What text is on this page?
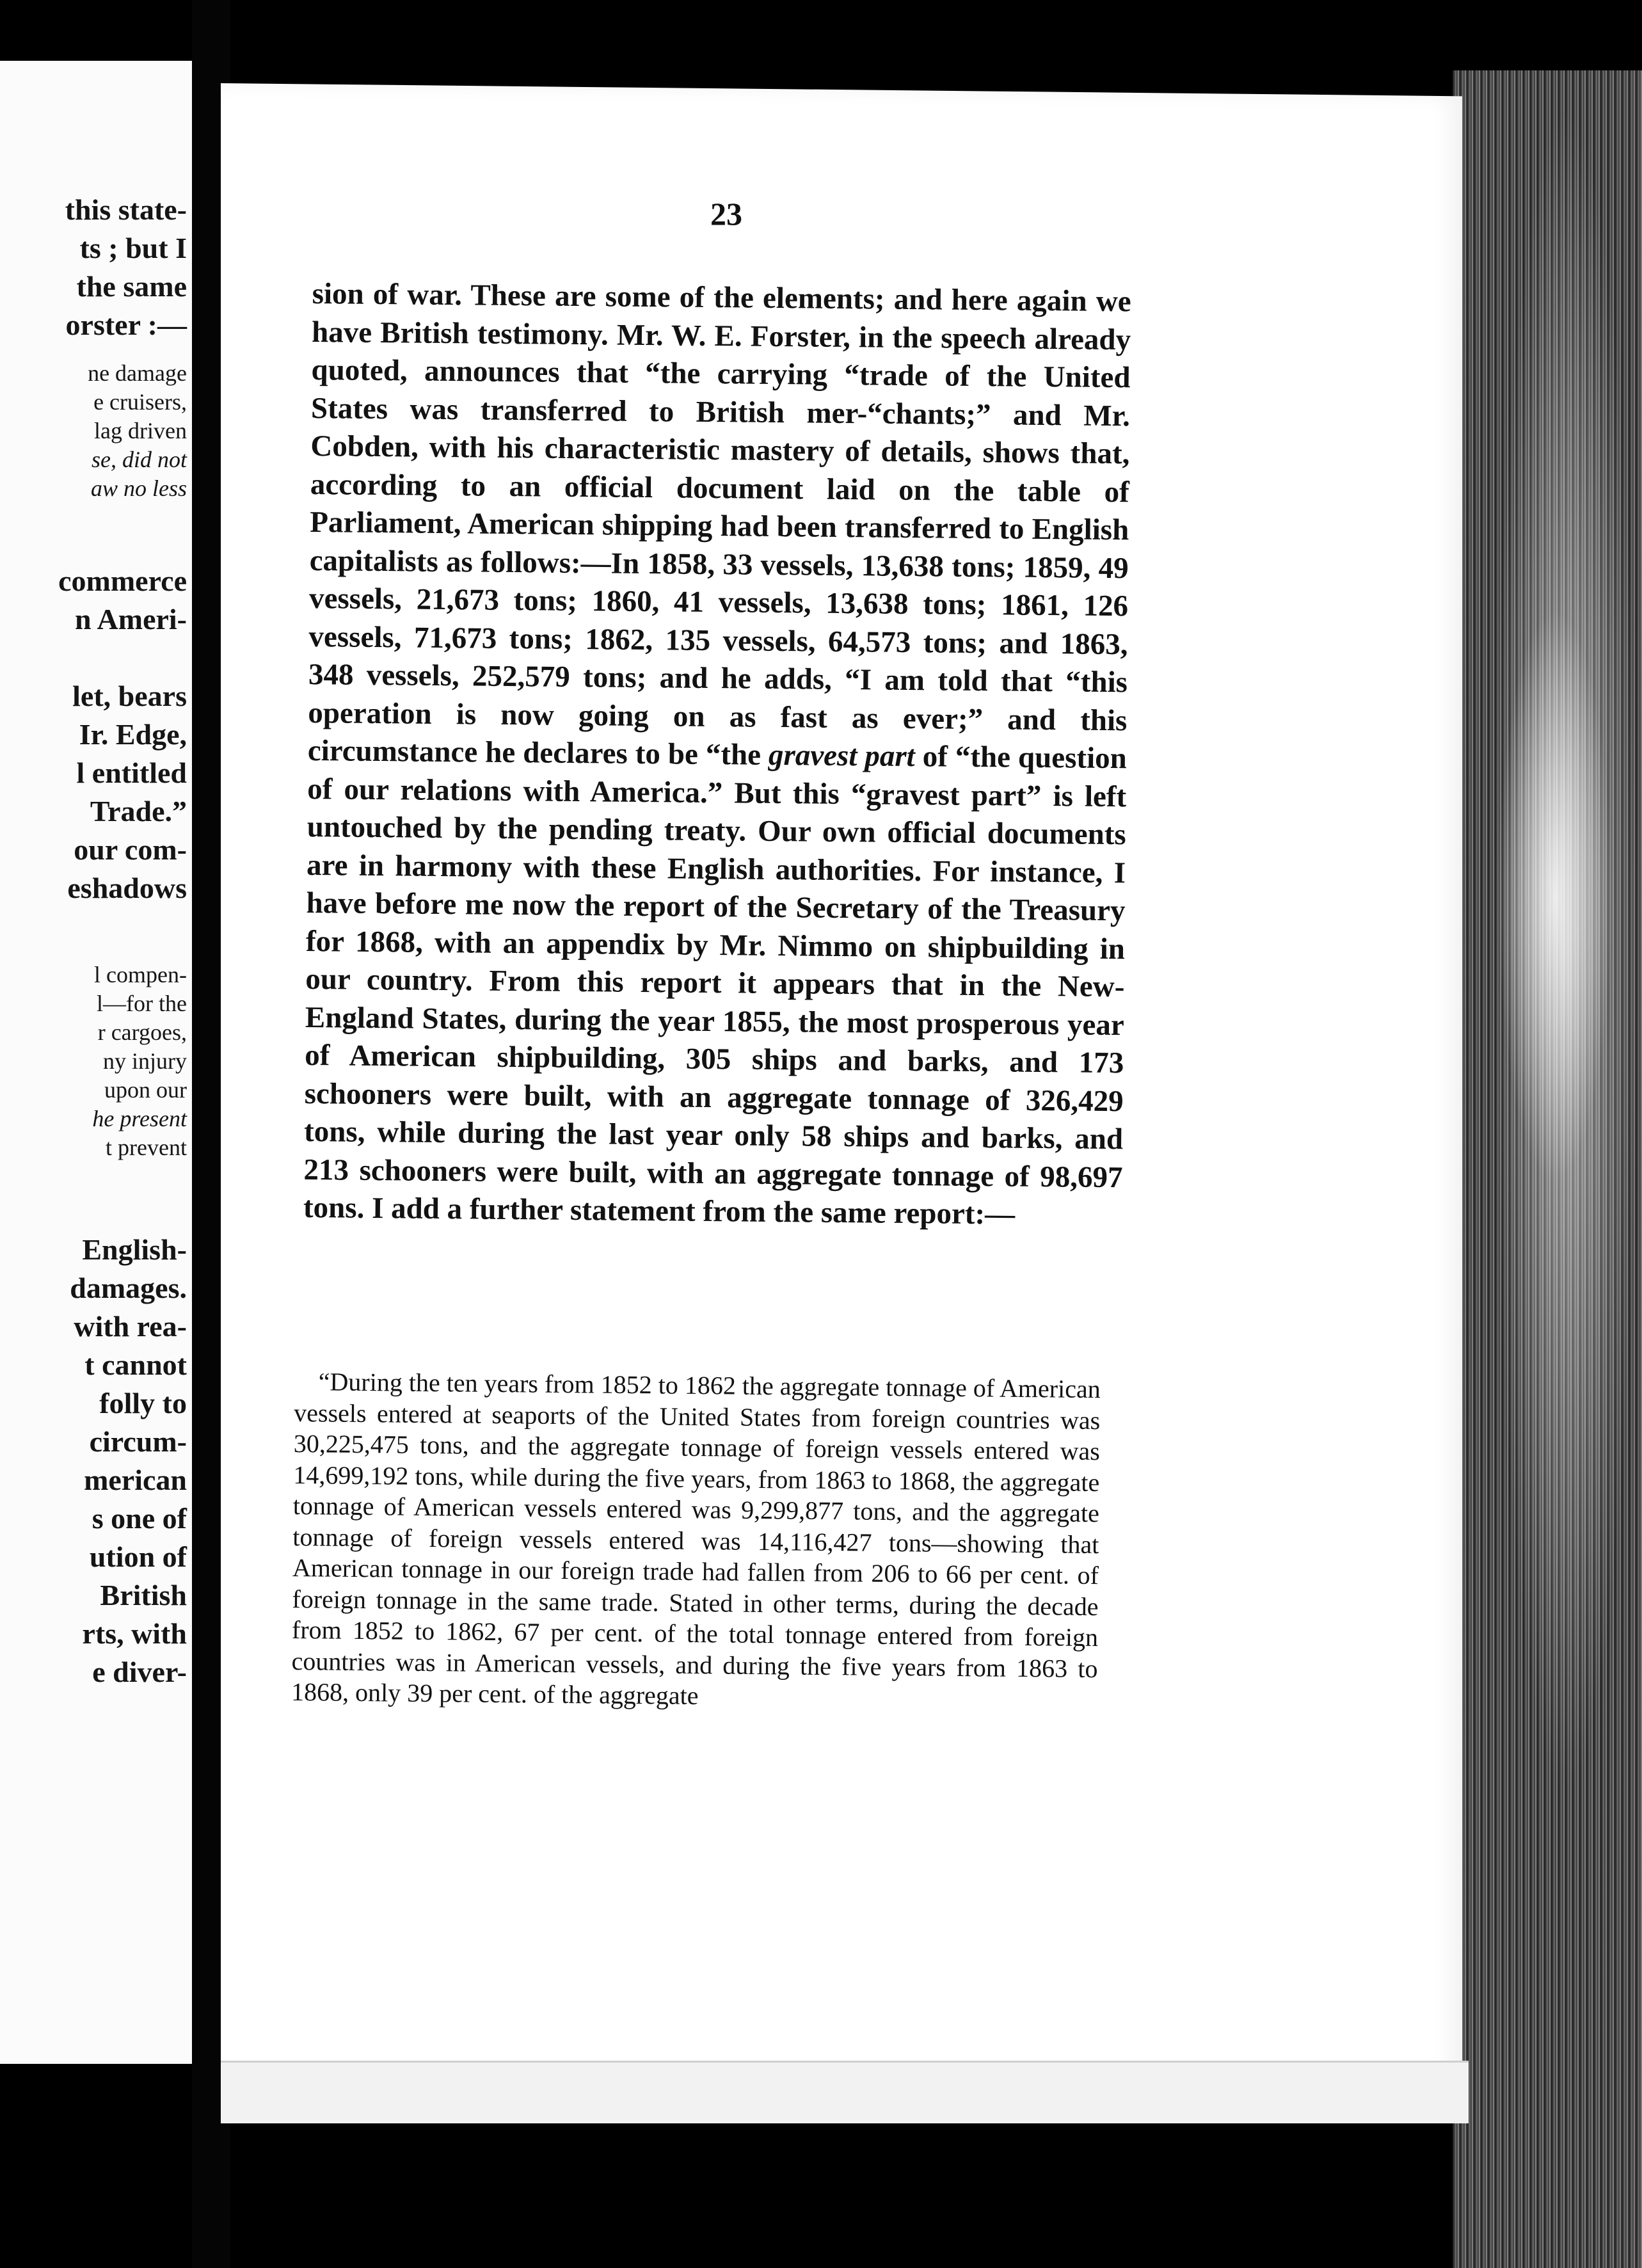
this state-
ts ; but I
the same
orster :—
ne damage
e cruisers,
lag driven
se, did not
aw no less
commerce
n Ameri-
let, bears
Ir. Edge,
l entitled
Trade.”
our com-
eshadows
l compen-
l—for the
r cargoes,
ny injury
upon our
he present
t prevent
English-
damages.
with rea-
t cannot
folly to
circum-
merican
s one of
ution of
British
rts, with
e diver-
23

sion of war. These are some of the elements; and here again we have British testimony. Mr. W. E. Forster, in the speech already quoted, announces that “the carrying “trade of the United States was transferred to British mer-“chants;” and Mr. Cobden, with his characteristic mastery of details, shows that, according to an official document laid on the table of Parliament, American shipping had been transferred to English capitalists as follows:—In 1858, 33 vessels, 13,638 tons; 1859, 49 vessels, 21,673 tons; 1860, 41 vessels, 13,638 tons; 1861, 126 vessels, 71,673 tons; 1862, 135 vessels, 64,573 tons; and 1863, 348 vessels, 252,579 tons; and he adds, “I am told that “this operation is now going on as fast as ever;” and this circumstance he declares to be “the gravest part of “the question of our relations with America.” But this “gravest part” is left untouched by the pending treaty. Our own official documents are in harmony with these English authorities. For instance, I have before me now the report of the Secretary of the Treasury for 1868, with an appendix by Mr. Nimmo on shipbuilding in our country. From this report it appears that in the New-England States, during the year 1855, the most prosperous year of American shipbuilding, 305 ships and barks, and 173 schooners were built, with an aggregate tonnage of 326,429 tons, while during the last year only 58 ships and barks, and 213 schooners were built, with an aggregate tonnage of 98,697 tons. I add a further statement from the same report:—

“During the ten years from 1852 to 1862 the aggregate tonnage of American vessels entered at seaports of the United States from foreign countries was 30,225,475 tons, and the aggregate tonnage of foreign vessels entered was 14,699,192 tons, while during the five years, from 1863 to 1868, the aggregate tonnage of American vessels entered was 9,299,877 tons, and the aggregate tonnage of foreign vessels entered was 14,116,427 tons—showing that American tonnage in our foreign trade had fallen from 206 to 66 per cent. of foreign tonnage in the same trade. Stated in other terms, during the decade from 1852 to 1862, 67 per cent. of the total tonnage entered from foreign countries was in American vessels, and during the five years from 1863 to 1868, only 39 per cent. of the aggregate
